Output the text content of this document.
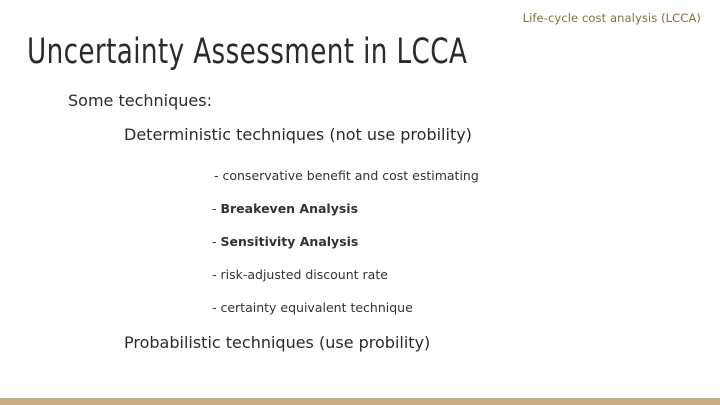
Life-cycle cost analysis (LCCA)
Uncertainty Assessment in LCCA
Some techniques:
Deterministic techniques (not use probility)
- conservative benefit and cost estimating
- Breakeven Analysis
- Sensitivity Analysis
- risk-adjusted discount rate
- certainty equivalent technique
Probabilistic techniques (use probility)
